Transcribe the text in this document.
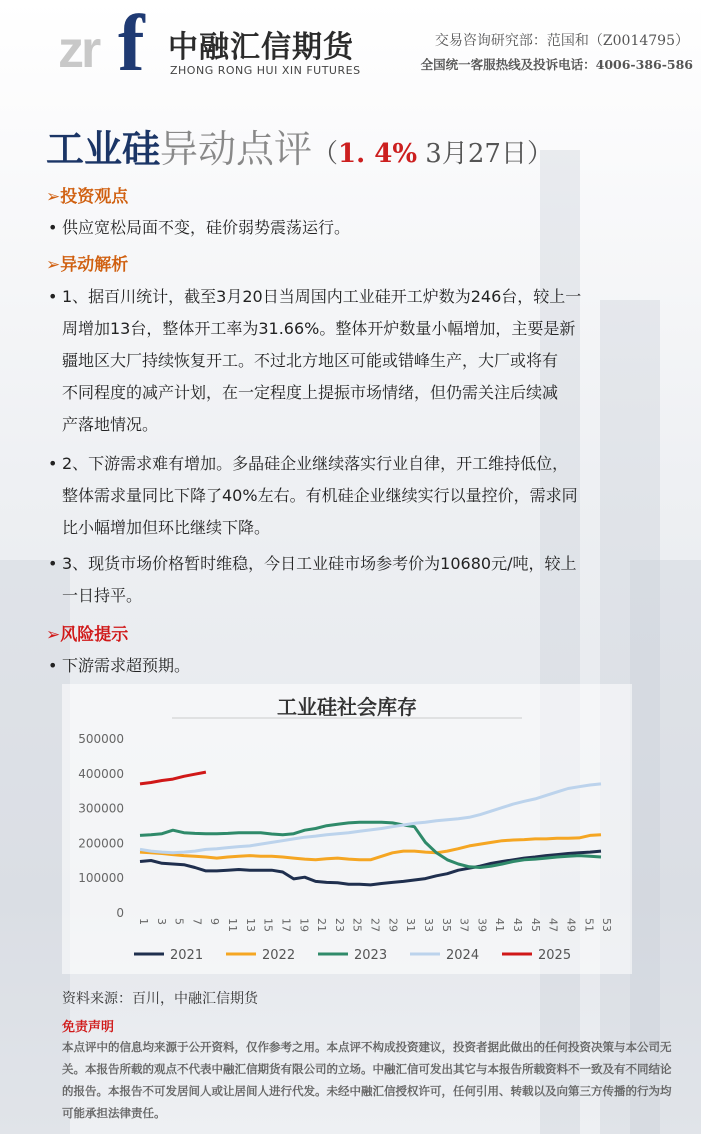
zr f 中融汇信期货
ZHONG RONG HUI XIN FUTURES
交易咨询研究部：范国和（Z0014795）
全国统一客服热线及投诉电话：4006-386-586
工业硅异动点评（1. 4% 3月27日）
➢投资观点
• 供应宽松局面不变，硅价弱势震荡运行。
➢异动解析
• 1、据百川统计，截至3月20日当周国内工业硅开工炉数为246台，较上一
周增加13台，整体开工率为31.66%。整体开炉数量小幅增加，主要是新
疆地区大厂持续恢复开工。不过北方地区可能或错峰生产，大厂或将有
不同程度的减产计划，在一定程度上提振市场情绪，但仍需关注后续减
产落地情况。
• 2、下游需求难有增加。多晶硅企业继续落实行业自律，开工维持低位，
整体需求量同比下降了40%左右。有机硅企业继续实行以量控价，需求同
比小幅增加但环比继续下降。
• 3、现货市场价格暂时维稳，今日工业硅市场参考价为10680元/吨，较上
一日持平。
➢风险提示
• 下游需求超预期。
工业硅社会库存
500000
400000
300000
200000
100000
0
1 3 5 7 9 11 13 15 17 19 21 23 25 27 29 31 33 35 37 39 41 43 45 47 49 51 53
2021	2022	2023	2024	2025
资料来源：百川，中融汇信期货
免责声明
本点评中的信息均来源于公开资料，仅作参考之用。本点评不构成投资建议，投资者据此做出的任何投资决策与本公司无关。本报告所载的观点不代表中融汇信期货有限公司的立场。中融汇信可发出其它与本报告所载资料不一致及有不同结论的报告。本报告不可发居间人或让居间人进行代发。未经中融汇信授权许可，任何引用、转载以及向第三方传播的行为均可能承担法律责任。
